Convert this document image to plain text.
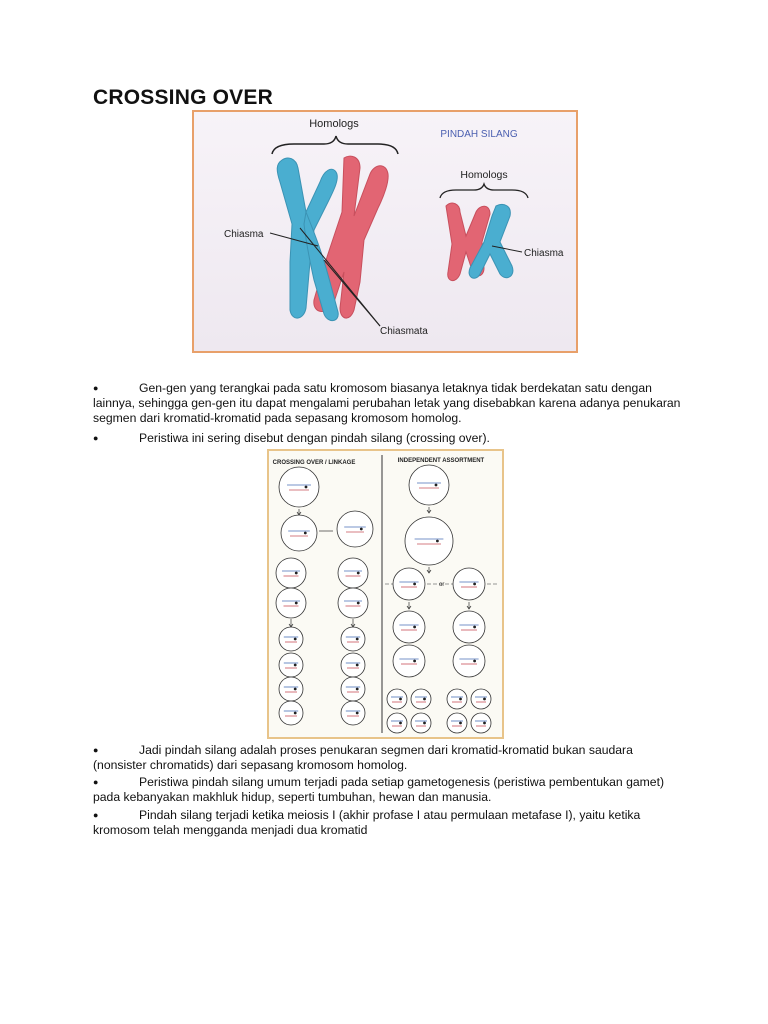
CROSSING OVER
Homologs
PINDAH SILANG
Homologs
Chiasma
Chiasma
Chiasmata
●	Gen-gen yang terangkai pada satu kromosom biasanya letaknya tidak berdekatan satu dengan lainnya, sehingga gen-gen itu dapat mengalami perubahan letak yang disebabkan karena adanya penukaran segmen dari kromatid-kromatid pada sepasang kromosom homolog.
●	Peristiwa ini sering disebut dengan pindah silang (crossing over).
CROSSING OVER / LINKAGE	INDEPENDENT ASSORTMENT
or
●	Jadi pindah silang adalah proses penukaran segmen dari kromatid-kromatid bukan saudara (nonsister chromatids) dari sepasang kromosom homolog.
●	Peristiwa pindah silang umum terjadi pada setiap gametogenesis (peristiwa pembentukan gamet) pada kebanyakan makhluk hidup, seperti tumbuhan, hewan dan manusia.
●	Pindah silang terjadi ketika meiosis I (akhir profase I atau permulaan metafase I), yaitu ketika kromosom telah mengganda menjadi dua kromatid
